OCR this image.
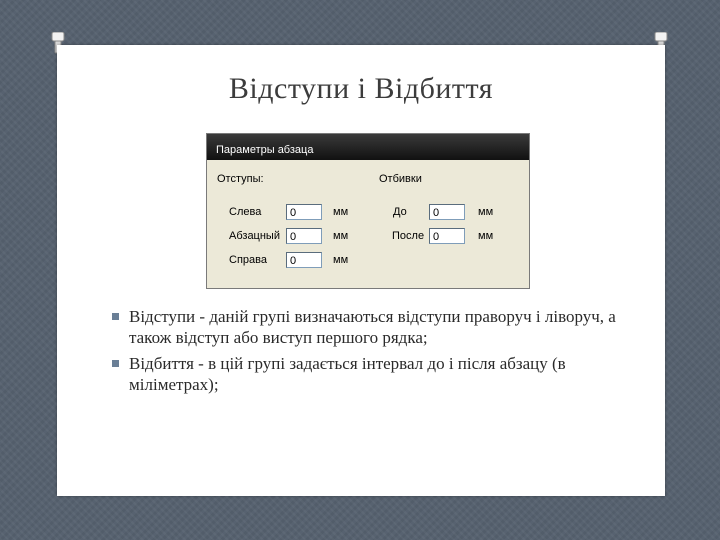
Відступи і Відбиття
Параметры абзаца
Отступы:	Отбивки
Слева	0	мм
Абзацный 0	мм
Справа	0	мм
До	0	мм
После 0	мм
Відступи - даній групі визначаються відступи праворуч і ліворуч, а також відступ або виступ першого рядка;
Відбиття - в цій групі задається інтервал до і після абзацу (в міліметрах);
